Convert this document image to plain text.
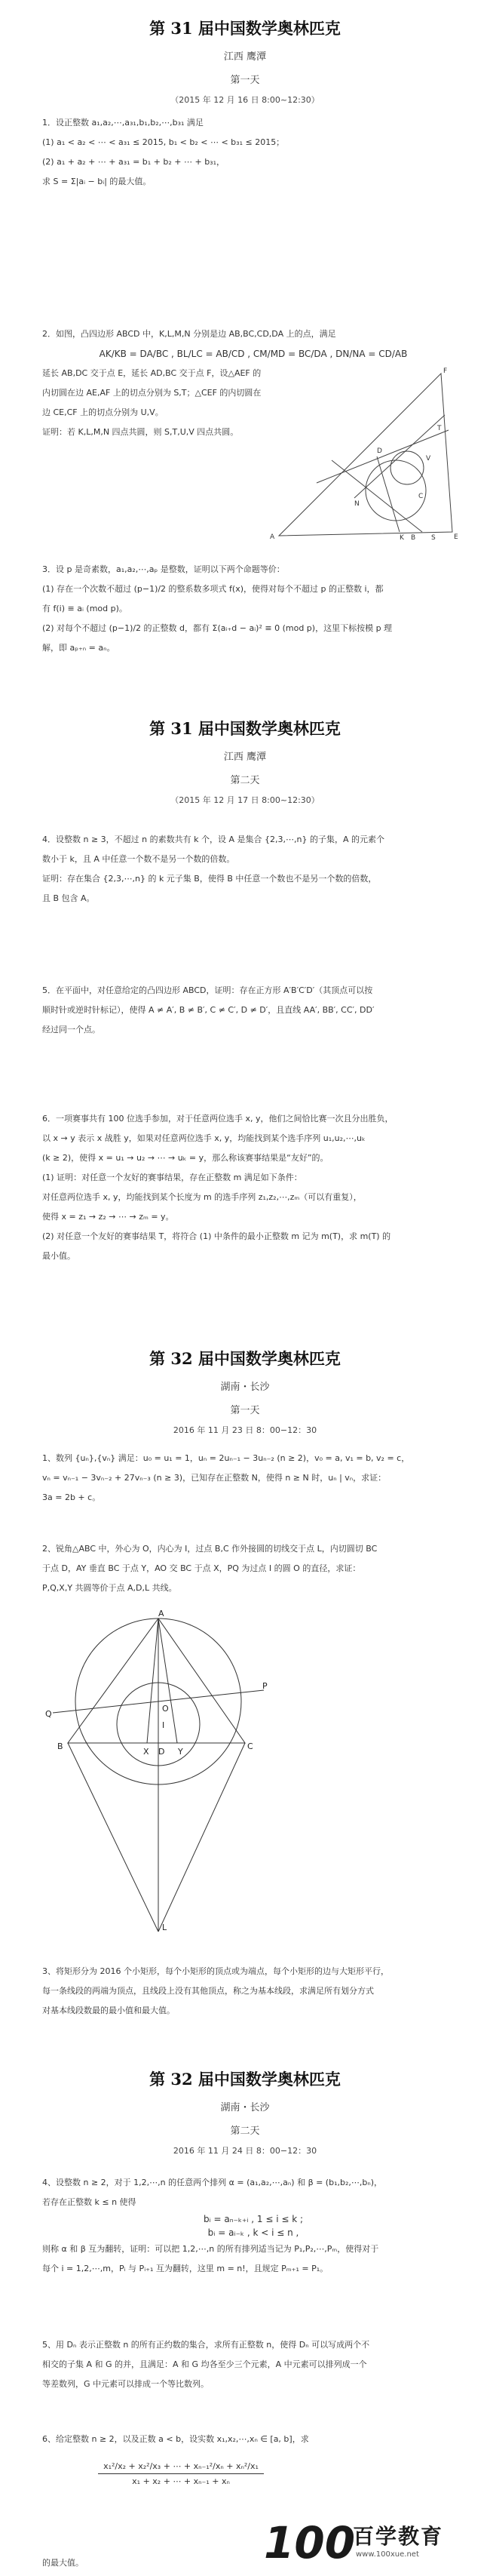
第 31 届中国数学奥林匹克
江西 鹰潭
第一天
（2015 年 12 月 16 日 8:00~12:30）

1．设正整数 a₁,a₂,⋯,a₃₁,b₁,b₂,⋯,b₃₁ 满足

(1) a₁ < a₂ < ⋯ < a₃₁ ≤ 2015, b₁ < b₂ < ⋯ < b₃₁ ≤ 2015；

(2) a₁ + a₂ + ⋯ + a₃₁ = b₁ + b₂ + ⋯ + b₃₁，

求 S = Σ|aᵢ − bᵢ| 的最大值。

2．如图，凸四边形 ABCD 中，K,L,M,N 分别是边 AB,BC,CD,DA 上的点，满足

AK/KB = DA/BC , BL/LC = AB/CD , CM/MD = BC/DA , DN/NA = CD/AB

延长 AB,DC 交于点 E，延长 AD,BC 交于点 F，设△AEF 的

内切圆在边 AE,AF 上的切点分别为 S,T；△CEF 的内切圆在

边 CE,CF 上的切点分别为 U,V。

证明：若 K,L,M,N 四点共圆，则 S,T,U,V 四点共圆。

A
F
E
D
C
N
K
T
V
B S

3．设 p 是奇素数，a₁,a₂,⋯,aₚ 是整数，证明以下两个命题等价：

(1) 存在一个次数不超过 (p−1)/2 的整系数多项式 f(x)，使得对每个不超过 p 的正整数 i，都

有 f(i) ≡ aᵢ (mod p)。

(2) 对每个不超过 (p−1)/2 的正整数 d，都有 Σ(aᵢ₊d − aᵢ)² ≡ 0 (mod p)，这里下标按模 p 理

解，即 aₚ₊ₙ = aₙ。

第 31 届中国数学奥林匹克
江西 鹰潭
第二天
（2015 年 12 月 17 日 8:00~12:30）

4．设整数 n ≥ 3，不超过 n 的素数共有 k 个，设 A 是集合 {2,3,⋯,n} 的子集，A 的元素个

数小于 k，且 A 中任意一个数不是另一个数的倍数。

证明：存在集合 {2,3,⋯,n} 的 k 元子集 B，使得 B 中任意一个数也不是另一个数的倍数，

且 B 包含 A。

5．在平面中，对任意给定的凸四边形 ABCD，证明：存在正方形 A′B′C′D′（其顶点可以按

顺时针或逆时针标记），使得 A ≠ A′, B ≠ B′, C ≠ C′, D ≠ D′，且直线 AA′, BB′, CC′, DD′

经过同一个点。

6．一项赛事共有 100 位选手参加，对于任意两位选手 x, y，他们之间恰比赛一次且分出胜负，

以 x → y 表示 x 战胜 y，如果对任意两位选手 x, y，均能找到某个选手序列 u₁,u₂,⋯,uₖ

(k ≥ 2)，使得 x = u₁ → u₂ → ⋯ → uₖ = y，那么称该赛事结果是“友好”的。

(1) 证明：对任意一个友好的赛事结果，存在正整数 m 满足如下条件：

对任意两位选手 x, y，均能找到某个长度为 m 的选手序列 z₁,z₂,⋯,zₘ（可以有重复），

使得 x = z₁ → z₂ → ⋯ → zₘ = y。

(2) 对任意一个友好的赛事结果 T，将符合 (1) 中条件的最小正整数 m 记为 m(T)，求 m(T) 的

最小值。

第 32 届中国数学奥林匹克
湖南・长沙
第一天
2016 年 11 月 23 日 8：00−12：30

1、数列 {uₙ},{vₙ} 满足：u₀ = u₁ = 1，uₙ = 2uₙ₋₁ − 3uₙ₋₂ (n ≥ 2)，v₀ = a, v₁ = b, v₂ = c，

vₙ = vₙ₋₁ − 3vₙ₋₂ + 27vₙ₋₃ (n ≥ 3)，已知存在正整数 N，使得 n ≥ N 时，uₙ | vₙ，求证：

3a = 2b + c。

2、锐角△ABC 中，外心为 O，内心为 I，过点 B,C 作外接圆的切线交于点 L，内切圆切 BC

于点 D，AY 垂直 BC 于点 Y，AO 交 BC 于点 X，PQ 为过点 I 的圆 O 的直径，求证：

P,Q,X,Y 共圆等价于点 A,D,L 共线。

A
B	C
Q
P
X D Y
O
I
L

3、将矩形分为 2016 个小矩形，每个小矩形的顶点或为端点，每个小矩形的边与大矩形平行，

每一条线段的两端为顶点，且线段上没有其他顶点，称之为基本线段，求满足所有划分方式

对基本线段数最的最小值和最大值。

第 32 届中国数学奥林匹克
湖南・长沙
第二天
2016 年 11 月 24 日 8：00−12：30

4、设整数 n ≥ 2，对于 1,2,⋯,n 的任意两个排列 α = (a₁,a₂,⋯,aₙ) 和 β = (b₁,b₂,⋯,bₙ)，

若存在正整数 k ≤ n 使得

bᵢ = aₙ₋ₖ₊ᵢ , 1 ≤ i ≤ k ;

bᵢ = aᵢ₋ₖ , k < i ≤ n ,

则称 α 和 β 互为翻转，证明：可以把 1,2,⋯,n 的所有排列适当记为 P₁,P₂,⋯,Pₘ，使得对于

每个 i = 1,2,⋯,m，Pᵢ 与 Pᵢ₊₁ 互为翻转，这里 m = n!，且规定 Pₘ₊₁ = P₁。

5、用 Dₙ 表示正整数 n 的所有正约数的集合，求所有正整数 n，使得 Dₙ 可以写成两个不

相交的子集 A 和 G 的并，且满足：A 和 G 均各至少三个元素，A 中元素可以排列成一个

等差数列，G 中元素可以排成一个等比数列。

6、给定整数 n ≥ 2，以及正数 a < b，设实数 x₁,x₂,⋯,xₙ ∈ [a, b]，求

$\frac{\text{x₁²/x₂ + x₂²/x₃ + ⋯ + xₙ₋₁²/xₙ + xₙ²/x₁}}{\text{x₁ + x₂ + ⋯ + xₙ₋₁ + xₙ}}$
的最大值。	100
百学教育
www.100xue.net
